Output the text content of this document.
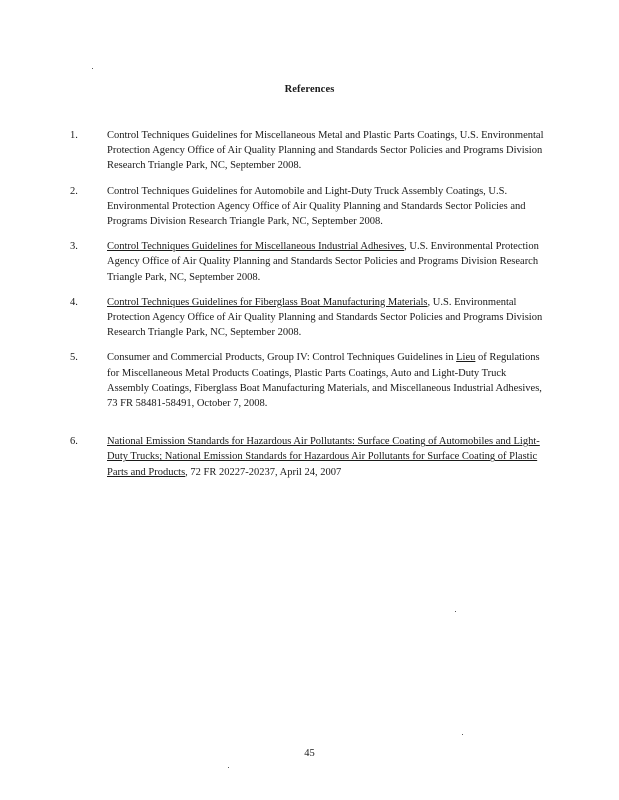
References
1.	Control Techniques Guidelines for Miscellaneous Metal and Plastic Parts Coatings, U.S. Environmental Protection Agency Office of Air Quality Planning and Standards Sector Policies and Programs Division Research Triangle Park, NC, September 2008.
2.	Control Techniques Guidelines for Automobile and Light-Duty Truck Assembly Coatings, U.S. Environmental Protection Agency Office of Air Quality Planning and Standards Sector Policies and Programs Division Research Triangle Park, NC, September 2008.
3.	Control Techniques Guidelines for Miscellaneous Industrial Adhesives, U.S. Environmental Protection Agency Office of Air Quality Planning and Standards Sector Policies and Programs Division Research Triangle Park, NC, September 2008.
4.	Control Techniques Guidelines for Fiberglass Boat Manufacturing Materials, U.S. Environmental Protection Agency Office of Air Quality Planning and Standards Sector Policies and Programs Division Research Triangle Park, NC, September 2008.
5.	Consumer and Commercial Products, Group IV: Control Techniques Guidelines in Lieu of Regulations for Miscellaneous Metal Products Coatings, Plastic Parts Coatings, Auto and Light-Duty Truck Assembly Coatings, Fiberglass Boat Manufacturing Materials, and Miscellaneous Industrial Adhesives, 73 FR 58481-58491, October 7, 2008.
6.	National Emission Standards for Hazardous Air Pollutants: Surface Coating of Automobiles and Light-Duty Trucks; National Emission Standards for Hazardous Air Pollutants for Surface Coating of Plastic Parts and Products, 72 FR 20227-20237, April 24, 2007
45
